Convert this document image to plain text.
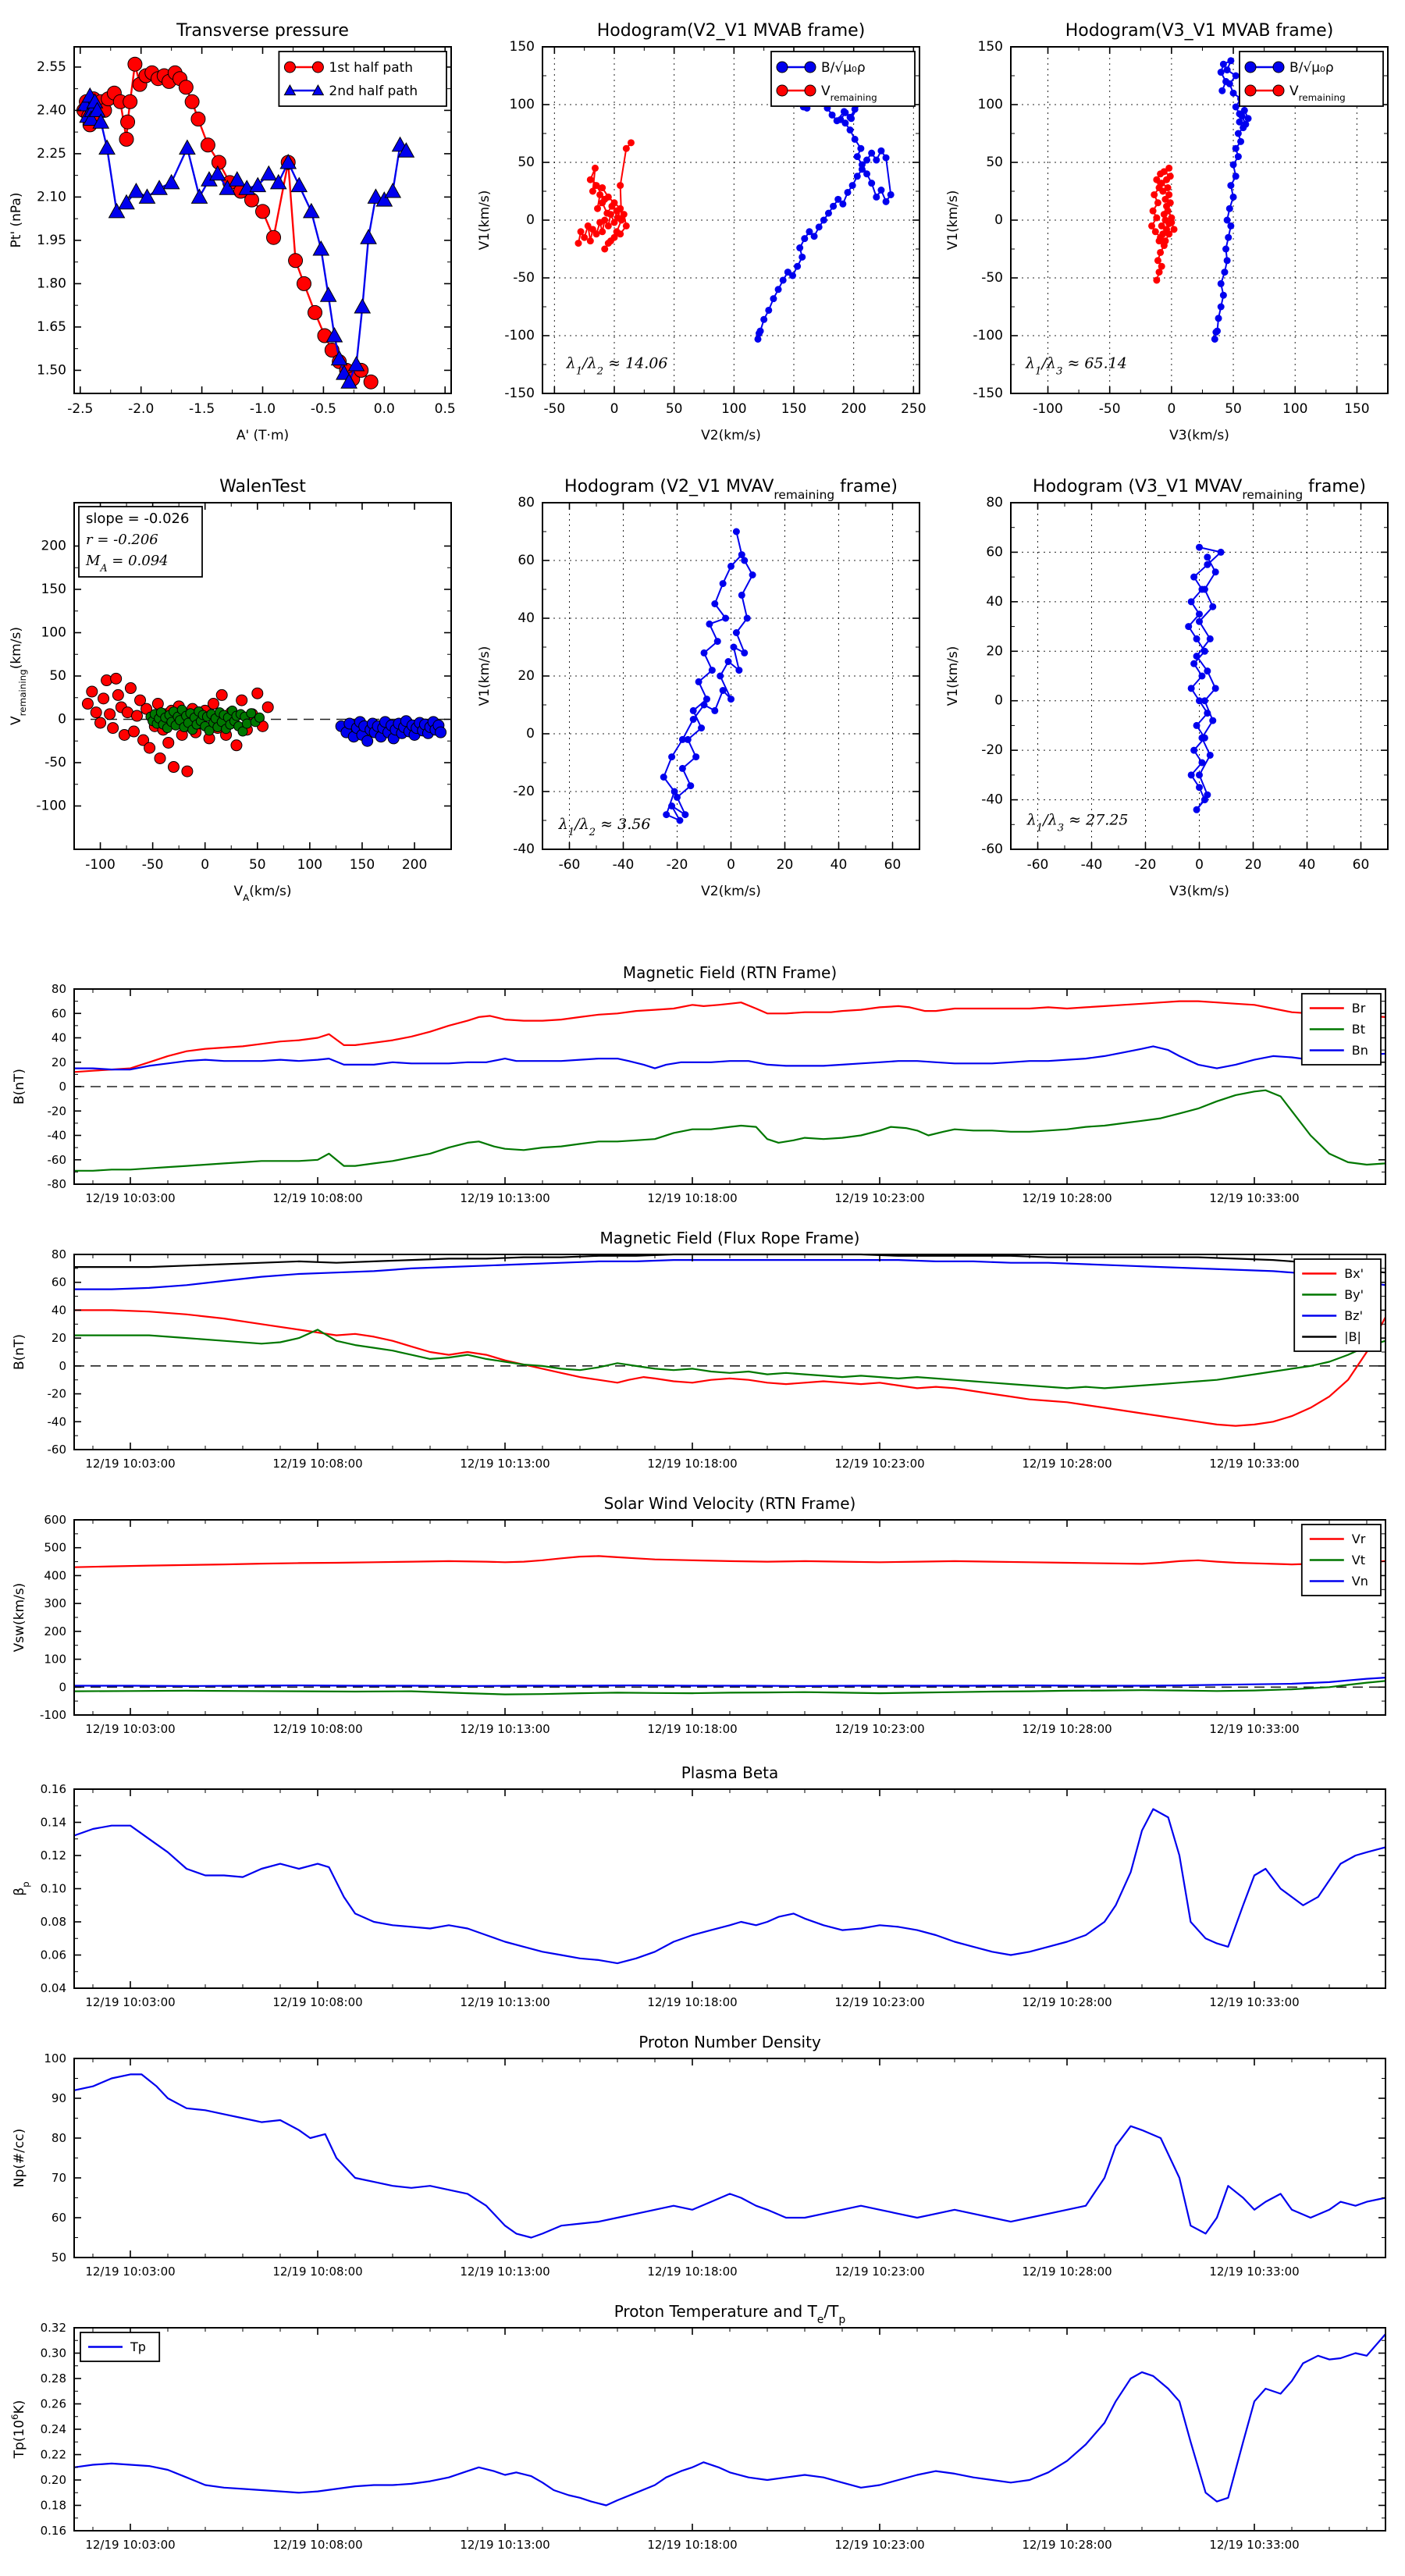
-2.5	-2.0	-1.5	-1.0	-0.5	0.0	0.5
1.50
1.65
1.80
1.95
2.10
2.25
2.40
2.55
Transverse pressure
A' (T·m)
Pt' (nPa)
1st half path
2nd half path
-50	0	50	100	150	200	250
-150
-100
-50
0
50
100
150
Hodogram(V2_V1 MVAB frame)
V2(km/s)
V1(km/s)
$\lambda_1/\lambda_2 \approx 14.06$
B/√μ₀ρ
$V_{remaining}$
-100	-50	0	50	100	150
-150
-100
-50
0
50
100
150
Hodogram(V3_V1 MVAB frame)
V3(km/s)
V1(km/s)
$\lambda_1/\lambda_3 \approx 65.14$
B/√μ₀ρ
$V_{remaining}$
-100 -50	0	50 100 150 200
-100
-50
0
50
100
150
200
WalenTest
$V_A(km/s)$
$V_{remaining}(km/s)$
slope = -0.026
r = -0.206
$M_A = 0.094$
-60 -40 -20	0	20	40	60
-40
-20
0
20
40
60
80
Hodogram (V2_V1 $MVAV_{remaining}$ frame)
V2(km/s)
V1(km/s)
$\lambda_1/\lambda_2 \approx 3.56$
-60 -40 -20	0	20	40	60
-60
-40
-20
0
20
40
60
80
Hodogram (V3_V1 $MVAV_{remaining}$ frame)
V3(km/s)
V1(km/s)
$\lambda_1/\lambda_3 \approx 27.25$
12/19 10:03:00	12/19 10:08:00	12/19 10:13:00	12/19 10:18:00	12/19 10:23:00	12/19 10:28:00	12/19 10:33:00
-80
-60
-40
-20
0
20
40
60
80
Magnetic Field (RTN Frame)
B(nT)
Br
Bt
Bn
12/19 10:03:00	12/19 10:08:00	12/19 10:13:00	12/19 10:18:00	12/19 10:23:00	12/19 10:28:00	12/19 10:33:00
-60
-40
-20
0
20
40
60
80
Magnetic Field (Flux Rope Frame)
B(nT)
Bx'
By'
Bz'
|B|
12/19 10:03:00	12/19 10:08:00	12/19 10:13:00	12/19 10:18:00	12/19 10:23:00	12/19 10:28:00	12/19 10:33:00
-100
0
100
200
300
400
500
600
Solar Wind Velocity (RTN Frame)
Vsw(km/s)
Vr
Vt
Vn
12/19 10:03:00	12/19 10:08:00	12/19 10:13:00	12/19 10:18:00	12/19 10:23:00	12/19 10:28:00	12/19 10:33:00
0.04
0.06
0.08
0.10
0.12
0.14
0.16
Plasma Beta
$\beta_p$
12/19 10:03:00	12/19 10:08:00	12/19 10:13:00	12/19 10:18:00	12/19 10:23:00	12/19 10:28:00	12/19 10:33:00
50
60
70
80
90
100
Proton Number Density
Np(#/cc)
12/19 10:03:00	12/19 10:08:00	12/19 10:13:00	12/19 10:18:00	12/19 10:23:00	12/19 10:28:00	12/19 10:33:00
0.16
0.18
0.20
0.22
0.24
0.26
0.28
0.30
0.32
Proton Temperature and $T_e/T_p$
$Tp(10^6K)$
Tp
